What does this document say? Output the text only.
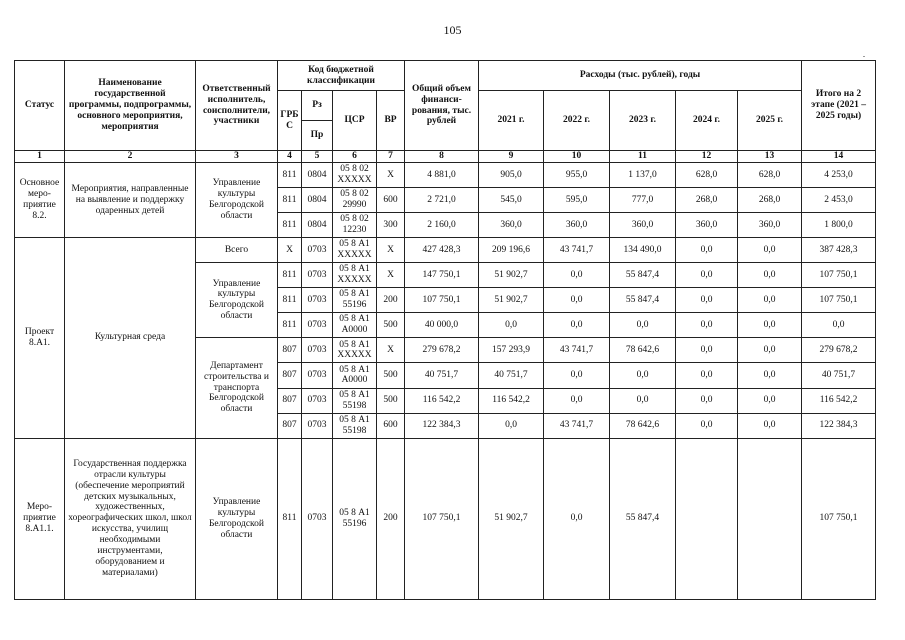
105
Статус	Наименование государственной программы, подпрограммы, основного мероприятия, мероприятия	Ответственный исполнитель, соисполнители, участники	Код бюджетной классификации				Общий объем финанси-рования, тыс. рублей	Расходы (тыс. рублей), годы					Итого на 2 этапе (2021 – 2025 годы)
			ГРБ С	Рз	ЦСР	ВР		2021 г.	2022 г.	2023 г.	2024 г.	2025 г.	
				Пр									
1	2	3	4	5	6	7	8	9	10	11	12	13	14
Основное меро-приятие 8.2.	Мероприятия, направленные на выявление и поддержку одаренных детей	Управление культуры Белгородской области	811	0804	05 8 02 ХХХХХ	Х	4 881,0	905,0	955,0	1 137,0	628,0	628,0	4 253,0
			811	0804	05 8 02 29990	600	2 721,0	545,0	595,0	777,0	268,0	268,0	2 453,0
			811	0804	05 8 02 12230	300	2 160,0	360,0	360,0	360,0	360,0	360,0	1 800,0
Проект 8.А1.	Культурная среда	Всего	Х	0703	05 8 А1 ХХХХХ	Х	427 428,3	209 196,6	43 741,7	134 490,0	0,0	0,0	387 428,3
		Управление культуры Белгородской области	811	0703	05 8 А1 ХХХХХ	Х	147 750,1	51 902,7	0,0	55 847,4	0,0	0,0	107 750,1
			811	0703	05 8 А1 55196	200	107 750,1	51 902,7	0,0	55 847,4	0,0	0,0	107 750,1
			811	0703	05 8 А1 А0000	500	40 000,0	0,0	0,0	0,0	0,0	0,0	0,0
		Департамент строительства и транспорта Белгородской области	807	0703	05 8 А1 ХХХХХ	Х	279 678,2	157 293,9	43 741,7	78 642,6	0,0	0,0	279 678,2
			807	0703	05 8 А1 А0000	500	40 751,7	40 751,7	0,0	0,0	0,0	0,0	40 751,7
			807	0703	05 8 А1 55198	500	116 542,2	116 542,2	0,0	0,0	0,0	0,0	116 542,2
			807	0703	05 8 А1 55198	600	122 384,3	0,0	43 741,7	78 642,6	0,0	0,0	122 384,3
Меро-приятие 8.А1.1.	Государственная поддержка отрасли культуры (обеспечение мероприятий детских музыкальных, художественных, хореографических школ, школ искусства, училищ необходимыми инструментами, оборудованием и материалами)	Управление культуры Белгородской области	811	0703	05 8 А1 55196	200	107 750,1	51 902,7	0,0	55 847,4			107 750,1
